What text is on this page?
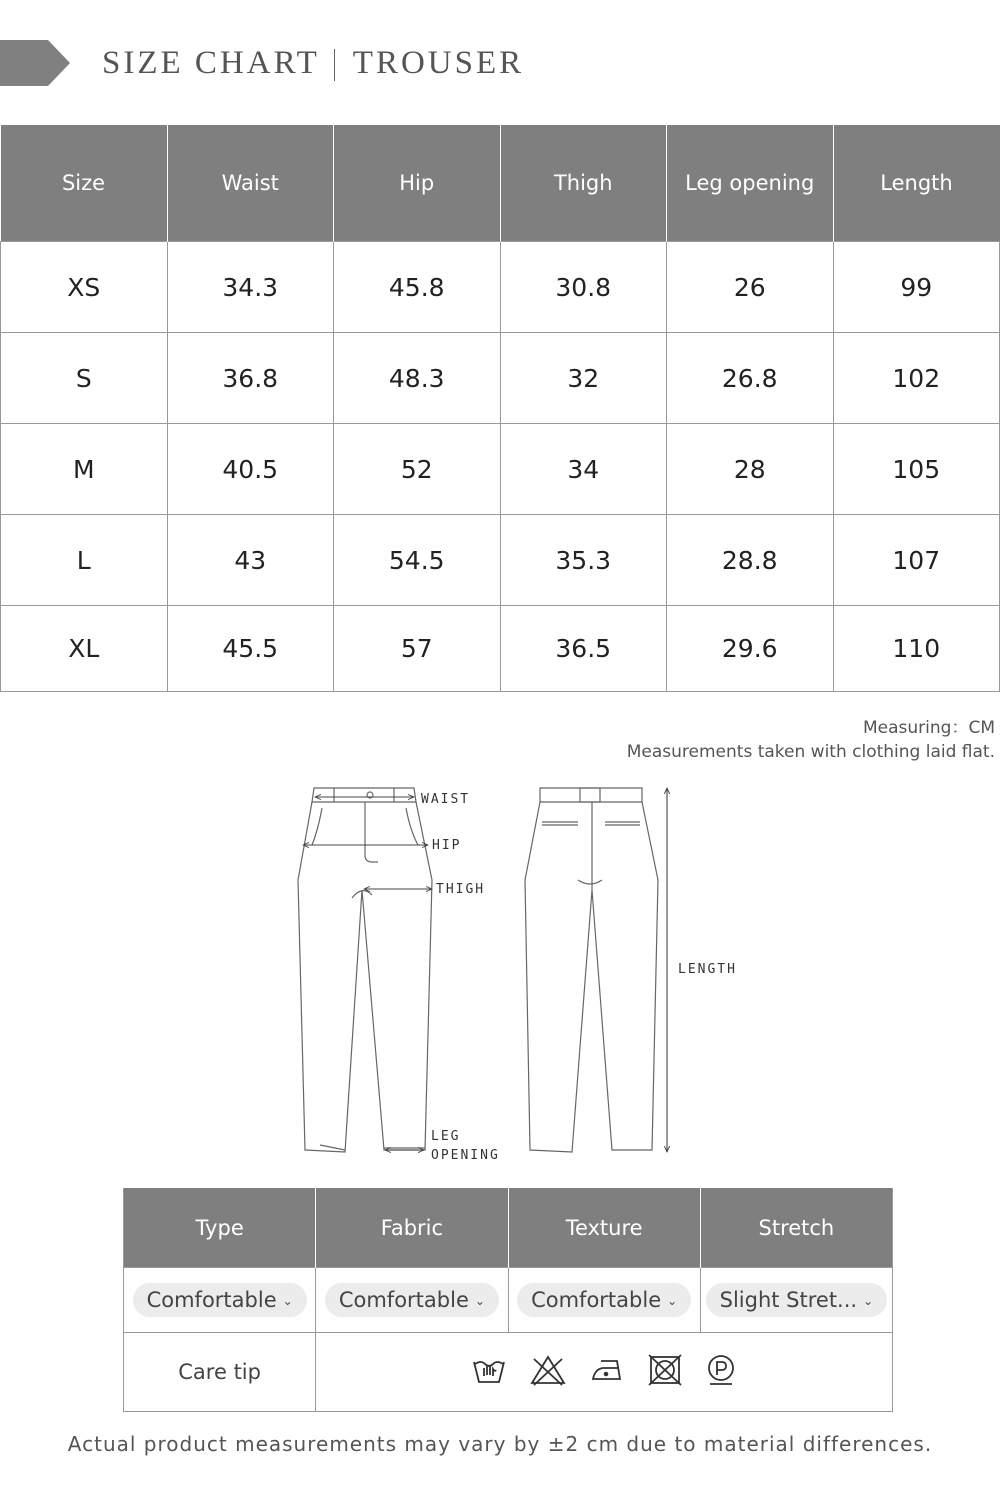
SIZE CHART TROUSER
Size	Waist	Hip	Thigh	Leg opening	Length
XS	34.3	45.8	30.8	26	99
S	36.8	48.3	32	26.8	102
M	40.5	52	34	28	105
L	43	54.5	35.3	28.8	107
XL	45.5	57	36.5	29.6	110
Measuring：CM
Measurements taken with clothing laid flat.
WAIST
HIP
THIGH
LEG
OPENING
LENGTH
Type	Fabric	Texture	Stretch
Comfortable ⌄	Comfortable ⌄	Comfortable ⌄	Slight Stret... ⌄
Care tip	
Actual product measurements may vary by ±2 cm due to material differences.
